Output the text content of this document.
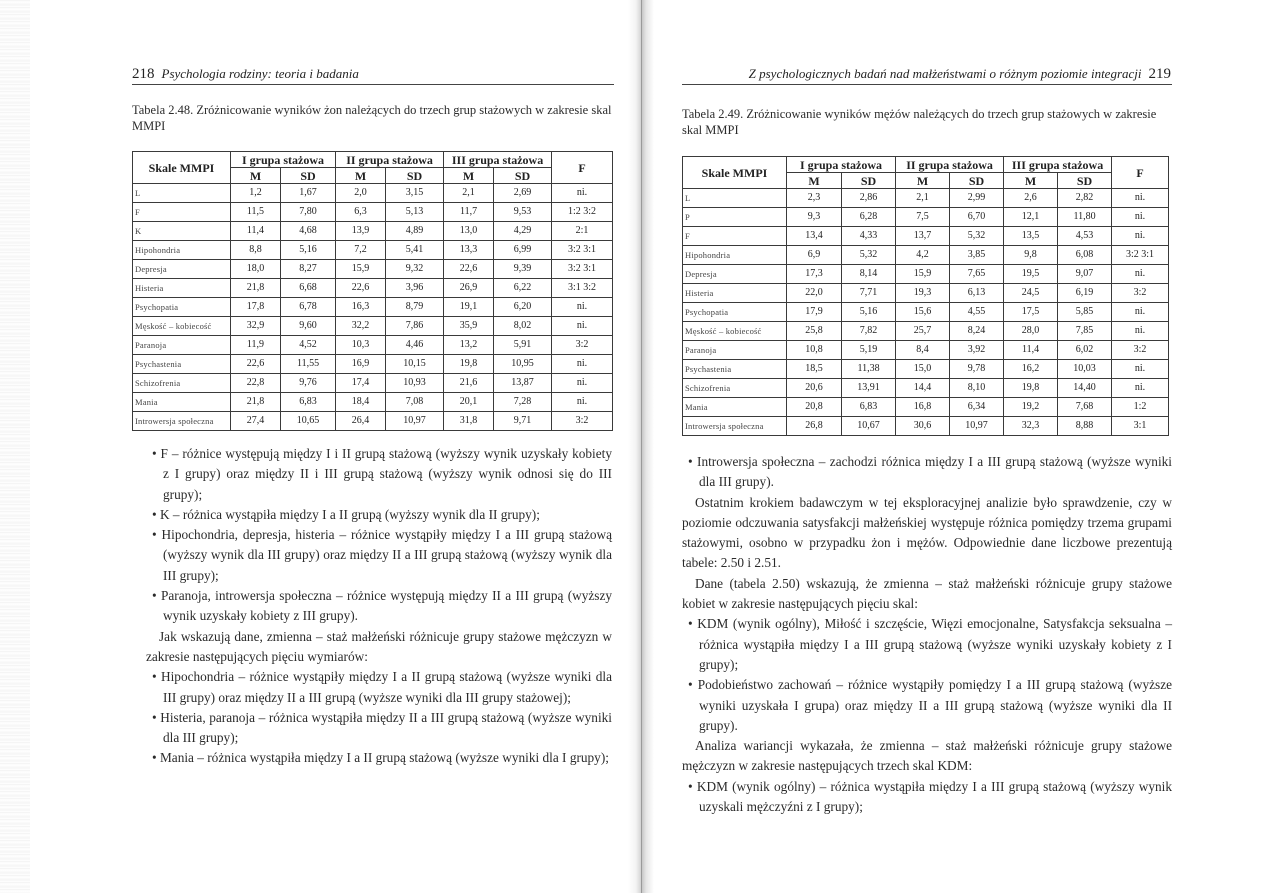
218 Psychologia rodziny: teoria i badania
Tabela 2.48. Zróżnicowanie wyników żon należących do trzech grup stażowych w zakresie skal MMPI
Skale MMPI	I grupa stażowa		II grupa stażowa		III grupa stażowa		F
	M	SD	M	SD	M	SD	
L	1,2	1,67	2,0	3,15	2,1	2,69	ni.
F	11,5	7,80	6,3	5,13	11,7	9,53	1:2 3:2
K	11,4	4,68	13,9	4,89	13,0	4,29	2:1
Hipohondria	8,8	5,16	7,2	5,41	13,3	6,99	3:2 3:1
Depresja	18,0	8,27	15,9	9,32	22,6	9,39	3:2 3:1
Histeria	21,8	6,68	22,6	3,96	26,9	6,22	3:1 3:2
Psychopatia	17,8	6,78	16,3	8,79	19,1	6,20	ni.
Męskość – kobiecość	32,9	9,60	32,2	7,86	35,9	8,02	ni.
Paranoja	11,9	4,52	10,3	4,46	13,2	5,91	3:2
Psychastenia	22,6	11,55	16,9	10,15	19,8	10,95	ni.
Schizofrenia	22,8	9,76	17,4	10,93	21,6	13,87	ni.
Mania	21,8	6,83	18,4	7,08	20,1	7,28	ni.
Introwersja społeczna	27,4	10,65	26,4	10,97	31,8	9,71	3:2

• F – różnice występują między I i II grupą stażową (wyższy wynik uzyskały kobiety z I grupy) oraz między II i III grupą stażową (wyższy wynik odnosi się do III grupy);

• K – różnica wystąpiła między I a II grupą (wyższy wynik dla II grupy);

• Hipochondria, depresja, histeria – różnice wystąpiły między I a III grupą stażową (wyższy wynik dla III grupy) oraz między II a III grupą stażową (wyższy wynik dla III grupy);

• Paranoja, introwersja społeczna – różnice występują między II a III grupą (wyższy wynik uzyskały kobiety z III grupy).

Jak wskazują dane, zmienna – staż małżeński różnicuje grupy stażowe mężczyzn w zakresie następujących pięciu wymiarów:

• Hipochondria – różnice wystąpiły między I a II grupą stażową (wyższe wyniki dla III grupy) oraz między II a III grupą (wyższe wyniki dla III grupy stażowej);

• Histeria, paranoja – różnica wystąpiła między II a III grupą stażową (wyższe wyniki dla III grupy);

• Mania – różnica wystąpiła między I a II grupą stażową (wyższe wyniki dla I grupy);

Z psychologicznych badań nad małżeństwami o różnym poziomie integracji 219
Tabela 2.49. Zróżnicowanie wyników mężów należących do trzech grup stażowych w zakresie skal MMPI
Skale MMPI	I grupa stażowa		II grupa stażowa		III grupa stażowa		F
	M	SD	M	SD	M	SD	
L	2,3	2,86	2,1	2,99	2,6	2,82	ni.
P	9,3	6,28	7,5	6,70	12,1	11,80	ni.
F	13,4	4,33	13,7	5,32	13,5	4,53	ni.
Hipohondria	6,9	5,32	4,2	3,85	9,8	6,08	3:2 3:1
Depresja	17,3	8,14	15,9	7,65	19,5	9,07	ni.
Histeria	22,0	7,71	19,3	6,13	24,5	6,19	3:2
Psychopatia	17,9	5,16	15,6	4,55	17,5	5,85	ni.
Męskość – kobiecość	25,8	7,82	25,7	8,24	28,0	7,85	ni.
Paranoja	10,8	5,19	8,4	3,92	11,4	6,02	3:2
Psychastenia	18,5	11,38	15,0	9,78	16,2	10,03	ni.
Schizofrenia	20,6	13,91	14,4	8,10	19,8	14,40	ni.
Mania	20,8	6,83	16,8	6,34	19,2	7,68	1:2
Introwersja społeczna	26,8	10,67	30,6	10,97	32,3	8,88	3:1

• Introwersja społeczna – zachodzi różnica między I a III grupą stażową (wyższe wyniki dla III grupy).

Ostatnim krokiem badawczym w tej eksploracyjnej analizie było sprawdzenie, czy w poziomie odczuwania satysfakcji małżeńskiej występuje różnica pomiędzy trzema grupami stażowymi, osobno w przypadku żon i mężów. Odpowiednie dane liczbowe prezentują tabele: 2.50 i 2.51.

Dane (tabela 2.50) wskazują, że zmienna – staż małżeński różnicuje grupy stażowe kobiet w zakresie następujących pięciu skal:

• KDM (wynik ogólny), Miłość i szczęście, Więzi emocjonalne, Satysfakcja seksualna – różnica wystąpiła między I a III grupą stażową (wyższe wyniki uzyskały kobiety z I grupy);

• Podobieństwo zachowań – różnice wystąpiły pomiędzy I a III grupą stażową (wyższe wyniki uzyskała I grupa) oraz między II a III grupą stażową (wyższe wyniki dla II grupy).

Analiza wariancji wykazała, że zmienna – staż małżeński różnicuje grupy stażowe mężczyzn w zakresie następujących trzech skal KDM:

• KDM (wynik ogólny) – różnica wystąpiła między I a III grupą stażową (wyższy wynik uzyskali mężczyźni z I grupy);
